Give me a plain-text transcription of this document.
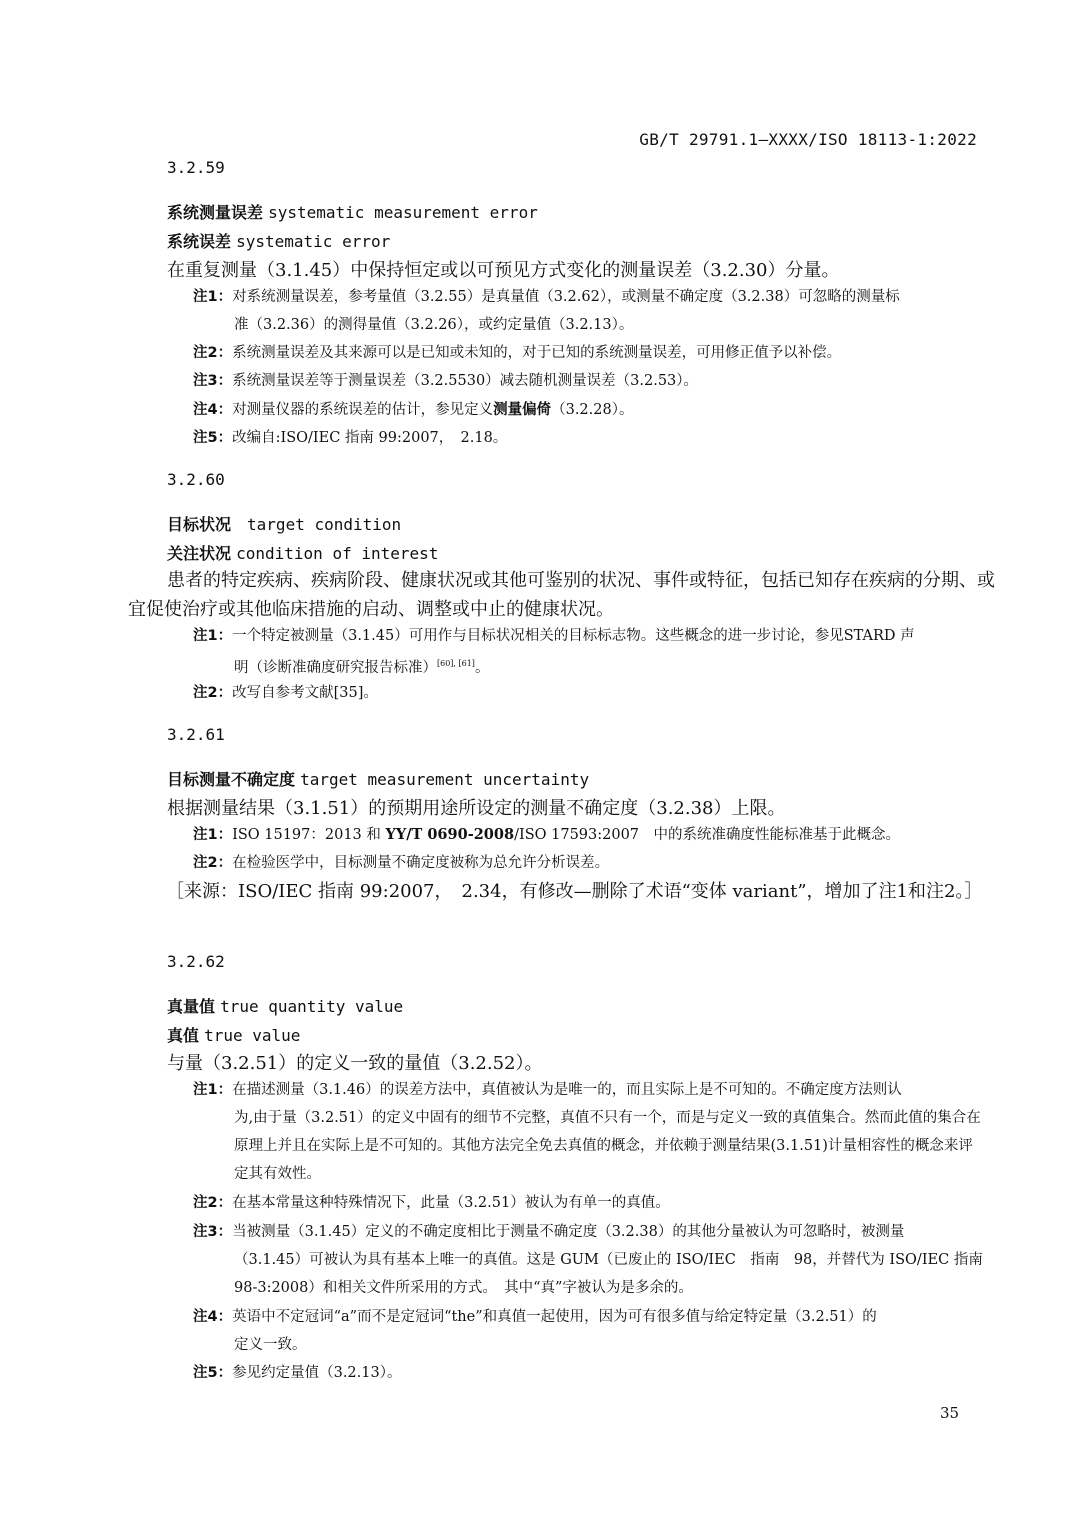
GB/T 29791.1—XXXX/ISO 18113-1:2022
3.2.59
系统测量误差 systematic measurement error
系统误差 systematic error
在重复测量（3.1.45）中保持恒定或以可预见方式变化的测量误差（3.2.30）分量。
注1：对系统测量误差，参考量值（3.2.55）是真量值（3.2.62），或测量不确定度（3.2.38）可忽略的测量标
准（3.2.36）的测得量值（3.2.26），或约定量值（3.2.13）。
注2：系统测量误差及其来源可以是已知或未知的，对于已知的系统测量误差，可用修正值予以补偿。
注3：系统测量误差等于测量误差（3.2.5530）减去随机测量误差（3.2.53）。
注4：对测量仪器的系统误差的估计，参见定义测量偏倚（3.2.28）。
注5：改编自:ISO/IEC 指南 99:2007，　2.18。
3.2.60
目标状况　 target condition
关注状况 condition of interest
患者的特定疾病、疾病阶段、健康状况或其他可鉴别的状况、事件或特征，包括已知存在疾病的分期、或宜促使治疗或其他临床措施的启动、调整或中止的健康状况。
注1：一个特定被测量（3.1.45）可用作与目标状况相关的目标标志物。这些概念的进一步讨论，参见STARD 声
明（诊断准确度研究报告标准）[60], [61]。
注2：改写自参考文献[35]。
3.2.61
目标测量不确定度 target measurement uncertainty
根据测量结果（3.1.51）的预期用途所设定的测量不确定度（3.2.38）上限。
注1：ISO 15197：2013 和 YY/T 0690-2008/ISO 17593:2007　中的系统准确度性能标准基于此概念。
注2：在检验医学中，目标测量不确定度被称为总允许分析误差。
［来源：ISO/IEC 指南 99:2007，　2.34，有修改—删除了术语“变体 variant”，增加了注1和注2。］
3.2.62
真量值 true quantity value
真值 true value
与量（3.2.51）的定义一致的量值（3.2.52）。
注1：在描述测量（3.1.46）的误差方法中，真值被认为是唯一的，而且实际上是不可知的。不确定度方法则认
为,由于量（3.2.51）的定义中固有的细节不完整，真值不只有一个，而是与定义一致的真值集合。然而此值的集合在原理上并且在实际上是不可知的。其他方法完全免去真值的概念，并依赖于测量结果(3.1.51)计量相容性的概念来评定其有效性。
注2：在基本常量这种特殊情况下，此量（3.2.51）被认为有单一的真值。
注3：当被测量（3.1.45）定义的不确定度相比于测量不确定度（3.2.38）的其他分量被认为可忽略时，被测量
（3.1.45）可被认为具有基本上唯一的真值。这是 GUM（已废止的 ISO/IEC　指南　98，并替代为 ISO/IEC 指南 98-3:2008）和相关文件所采用的方式。　其中“真”字被认为是多余的。
注4：英语中不定冠词“a”而不是定冠词“the”和真值一起使用，因为可有很多值与给定特定量（3.2.51）的
定义一致。
注5：参见约定量值（3.2.13）。
35
